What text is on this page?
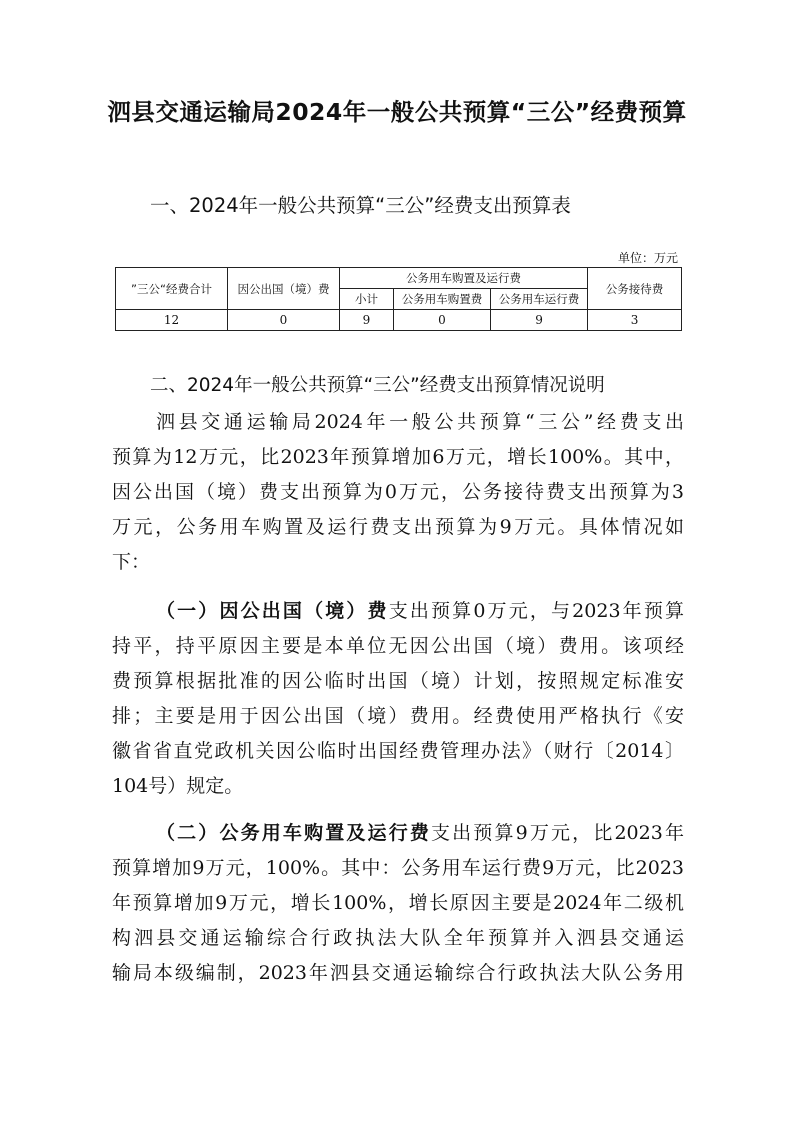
泗县交通运输局2024年一般公共预算“三公”经费预算
一、2024年一般公共预算“三公”经费支出预算表
单位：万元
”三公“经费合计	因公出国（境）费	公务用车购置及运行费			公务接待费
		小计	公务用车购置费	公务用车运行费	
12	0	9	0	9	3
二、2024年一般公共预算“三公”经费支出预算情况说明
泗县交通运输局2024年一般公共预算“三公”经费支出
预算为12万元，比2023年预算增加6万元，增长100%。其中，
因公出国（境）费支出预算为0万元，公务接待费支出预算为3
万元，公务用车购置及运行费支出预算为9万元。具体情况如
下：
（一）因公出国（境）费支出预算0万元，与2023年预算
持平，持平原因主要是本单位无因公出国（境）费用。该项经
费预算根据批准的因公临时出国（境）计划，按照规定标准安
排；主要是用于因公出国（境）费用。经费使用严格执行《安
徽省省直党政机关因公临时出国经费管理办法》（财行〔2014〕
104号）规定。
（二）公务用车购置及运行费支出预算9万元，比2023年
预算增加9万元，100%。其中：公务用车运行费9万元，比2023
年预算增加9万元，增长100%，增长原因主要是2024年二级机
构泗县交通运输综合行政执法大队全年预算并入泗县交通运
输局本级编制，2023年泗县交通运输综合行政执法大队公务用
